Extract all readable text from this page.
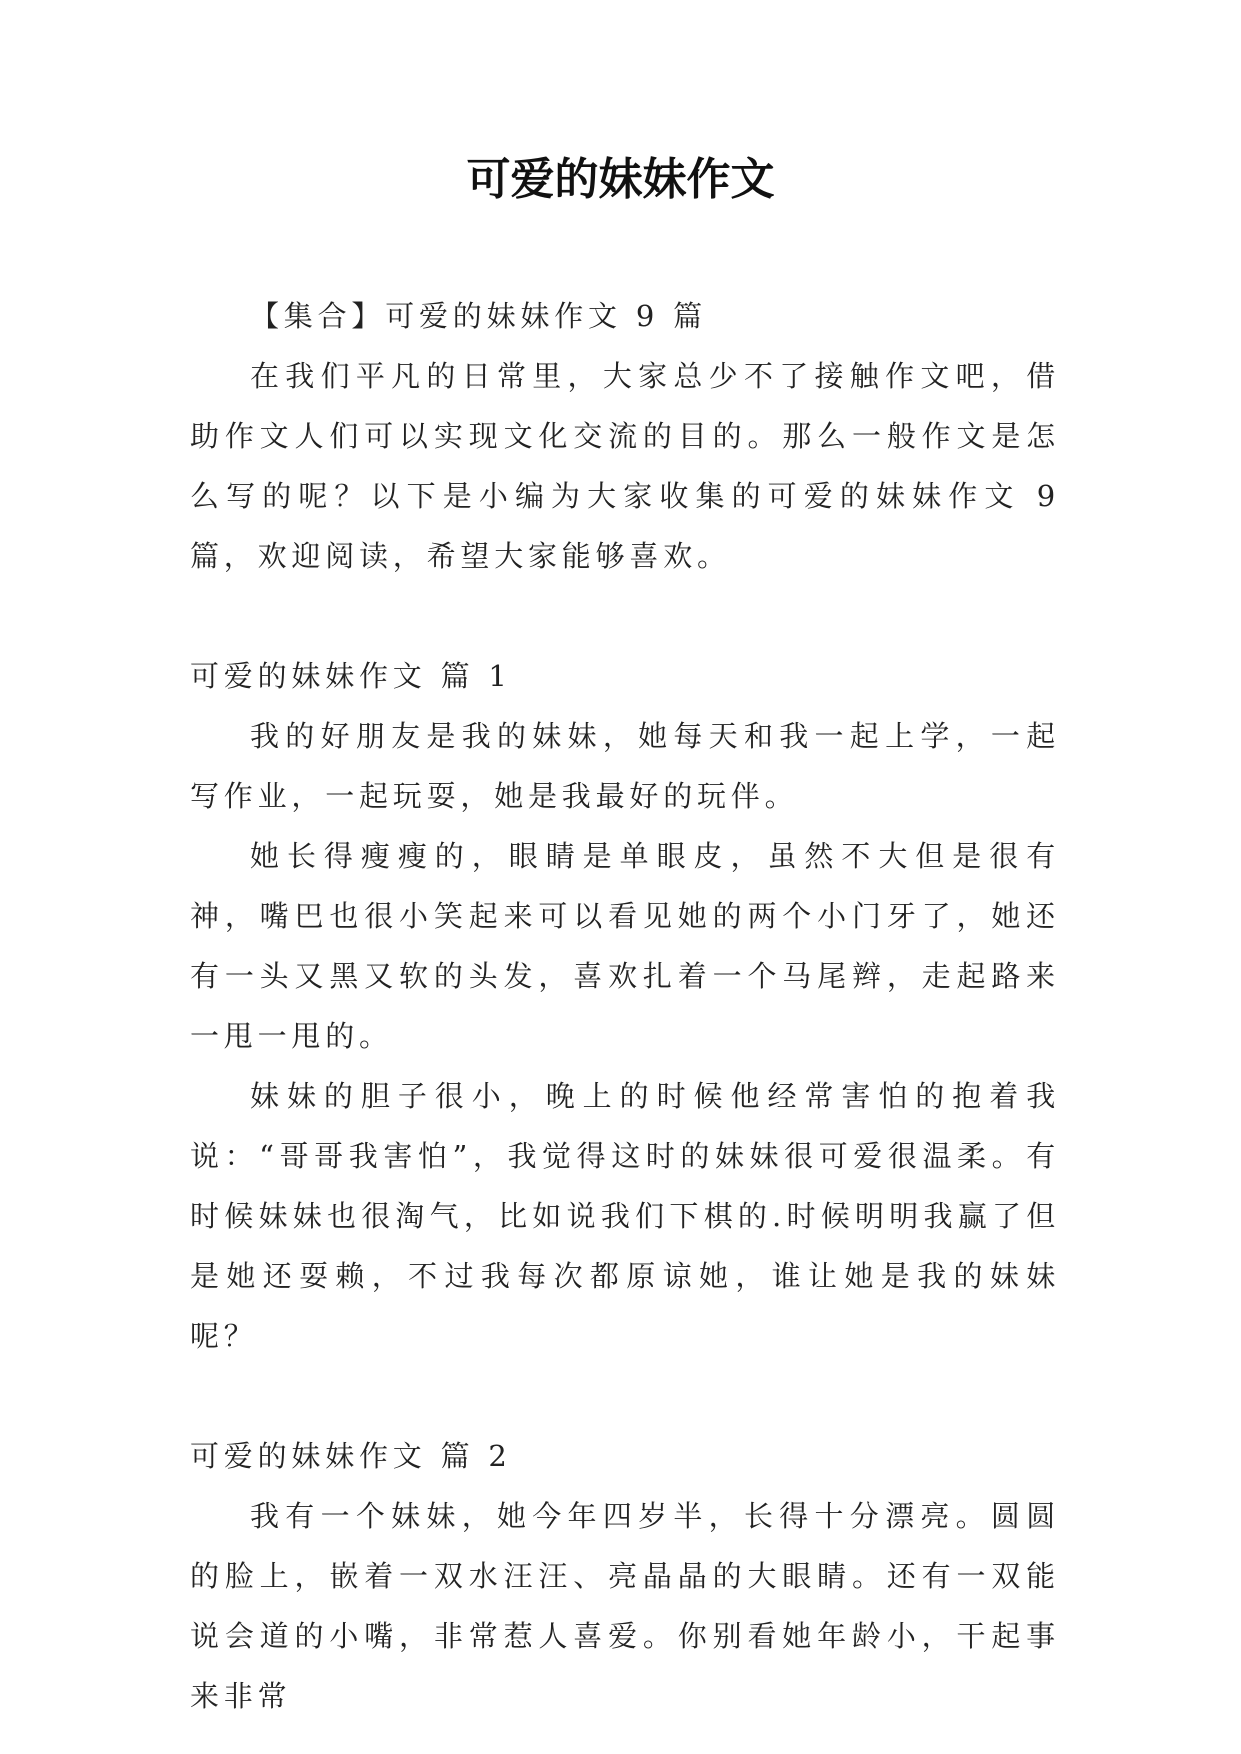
可爱的妹妹作文

【集合】可爱的妹妹作文 9 篇

在我们平凡的日常里，大家总少不了接触作文吧，借助作文人们可以实现文化交流的目的。那么一般作文是怎么写的呢？以下是小编为大家收集的可爱的妹妹作文 9 篇，欢迎阅读，希望大家能够喜欢。

可爱的妹妹作文 篇 1

我的好朋友是我的妹妹，她每天和我一起上学，一起写作业，一起玩耍，她是我最好的玩伴。

她长得瘦瘦的，眼睛是单眼皮，虽然不大但是很有神，嘴巴也很小笑起来可以看见她的两个小门牙了，她还有一头又黑又软的头发，喜欢扎着一个马尾辫，走起路来一甩一甩的。

妹妹的胆子很小，晚上的时候他经常害怕的抱着我说：“哥哥我害怕”，我觉得这时的妹妹很可爱很温柔。有时候妹妹也很淘气，比如说我们下棋的.时候明明我赢了但是她还耍赖，不过我每次都原谅她，谁让她是我的妹妹呢？

可爱的妹妹作文 篇 2

我有一个妹妹，她今年四岁半，长得十分漂亮。圆圆的脸上，嵌着一双水汪汪、亮晶晶的大眼睛。还有一双能说会道的小嘴，非常惹人喜爱。你别看她年龄小，干起事来非常
